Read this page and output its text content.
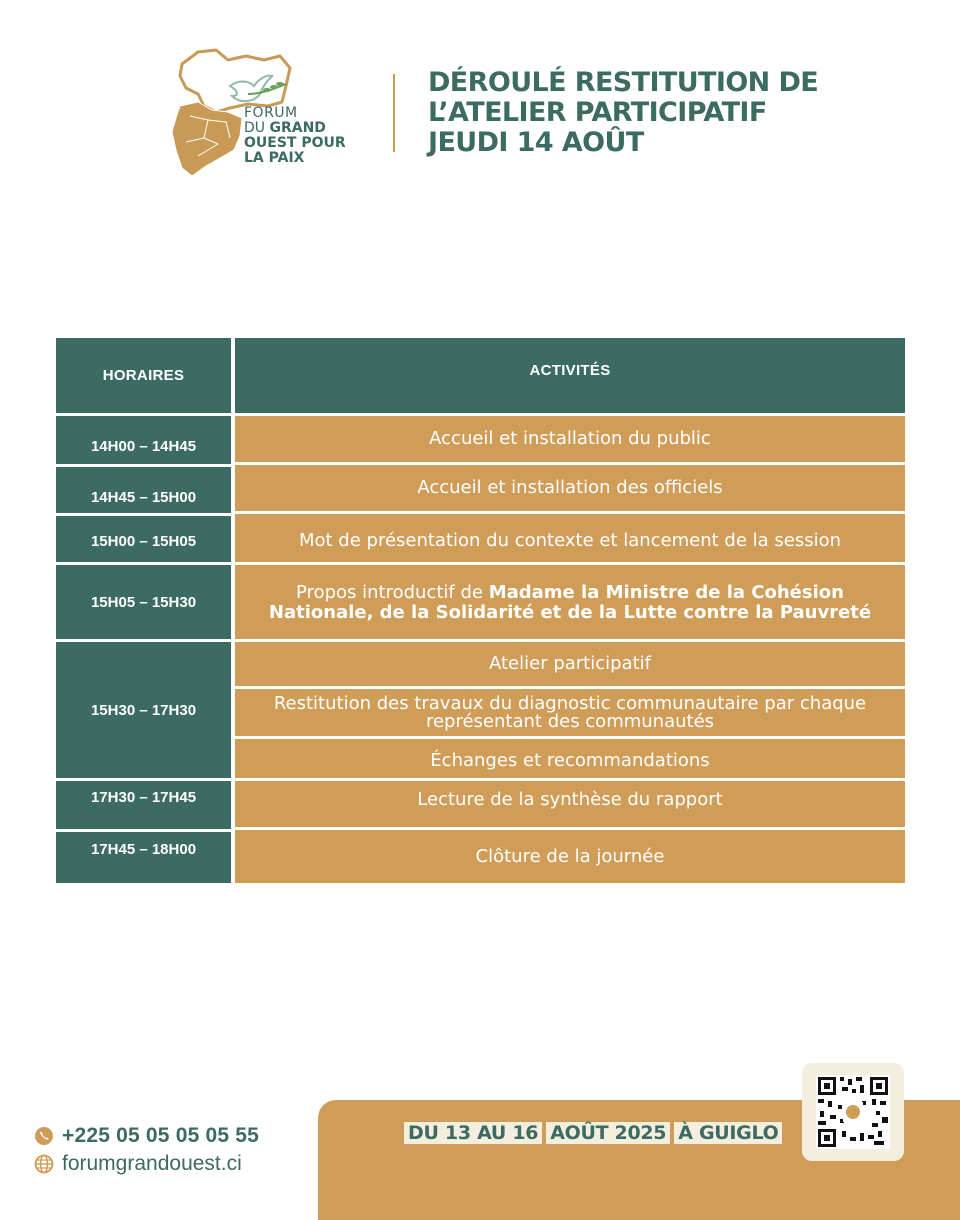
FORUM
DU GRAND
OUEST POUR
LA PAIX
DÉROULÉ RESTITUTION DE
L’ATELIER PARTICIPATIF
JEUDI 14 AOÛT
HORAIRES	ACTIVITÉS
14H00 – 14H45	Accueil et installation du public
14H45 – 15H00	Accueil et installation des officiels
15H00 – 15H05	Mot de présentation du contexte et lancement de la session
15H05 – 15H30	Propos introductif de Madame la Ministre de la Cohésion Nationale, de la Solidarité et de la Lutte contre la Pauvreté
15H30 – 17H30
Atelier participatif
Restitution des travaux du diagnostic communautaire par chaque représentant des communautés
Échanges et recommandations
17H30 – 17H45	Lecture de la synthèse du rapport
17H45 – 18H00	Clôture de la journée
DU 13 AU 16 AOÛT 2025 À GUIGLO
+225 05 05 05 05 55
forumgrandouest.ci
